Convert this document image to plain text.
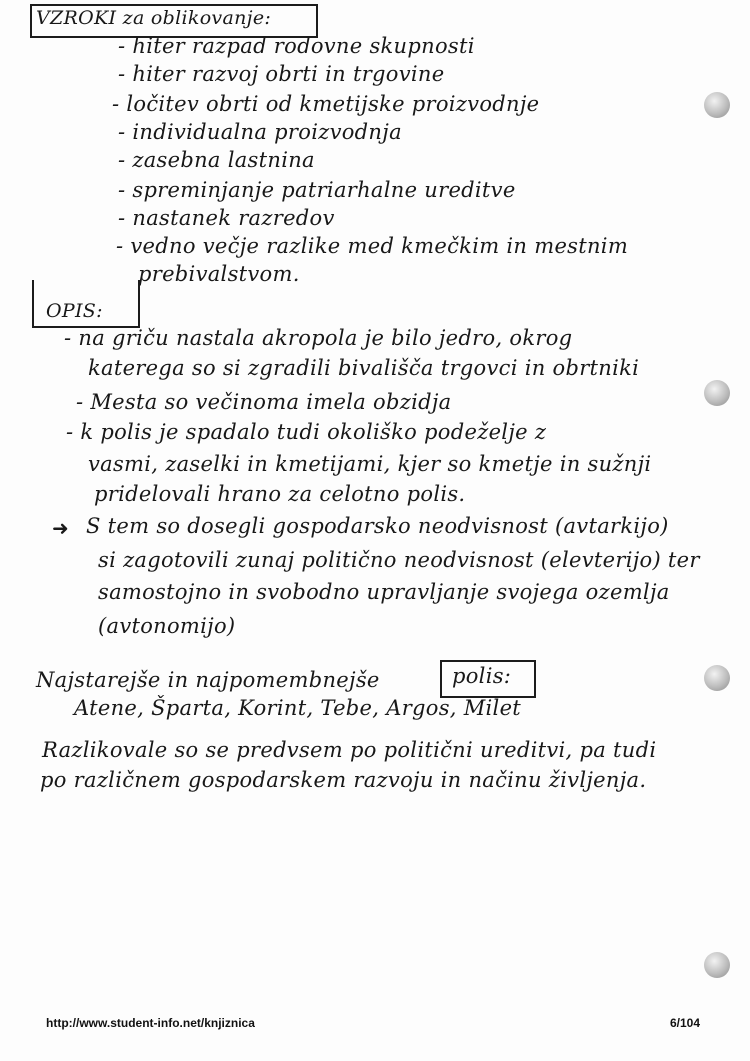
VZROKI za oblikovanje:
- hiter razpad rodovne skupnosti
- hiter razvoj obrti in trgovine
- ločitev obrti od kmetijske proizvodnje
- individualna proizvodnja
- zasebna lastnina
- spreminjanje patriarhalne ureditve
- nastanek razredov
- vedno večje razlike med kmečkim in mestnim
prebivalstvom.
OPIS:
- na griču nastala akropola je bilo jedro, okrog
katerega so si zgradili bivališča trgovci in obrtniki
- Mesta so večinoma imela obzidja
- k polis je spadalo tudi okoliško podeželje z
vasmi, zaselki in kmetijami, kjer so kmetje in sužnji
pridelovali hrano za celotno polis.
➜ S tem so dosegli gospodarsko neodvisnost (avtarkijo)
si zagotovili zunaj politično neodvisnost (elevterijo) ter
samostojno in svobodno upravljanje svojega ozemlja
(avtonomijo)
Najstarejše in najpomembnejše	polis:
Atene, Šparta, Korint, Tebe, Argos, Milet
Razlikovale so se predvsem po politični ureditvi, pa tudi
po različnem gospodarskem razvoju in načinu življenja.
http://www.student-info.net/knjiznica	6/104
